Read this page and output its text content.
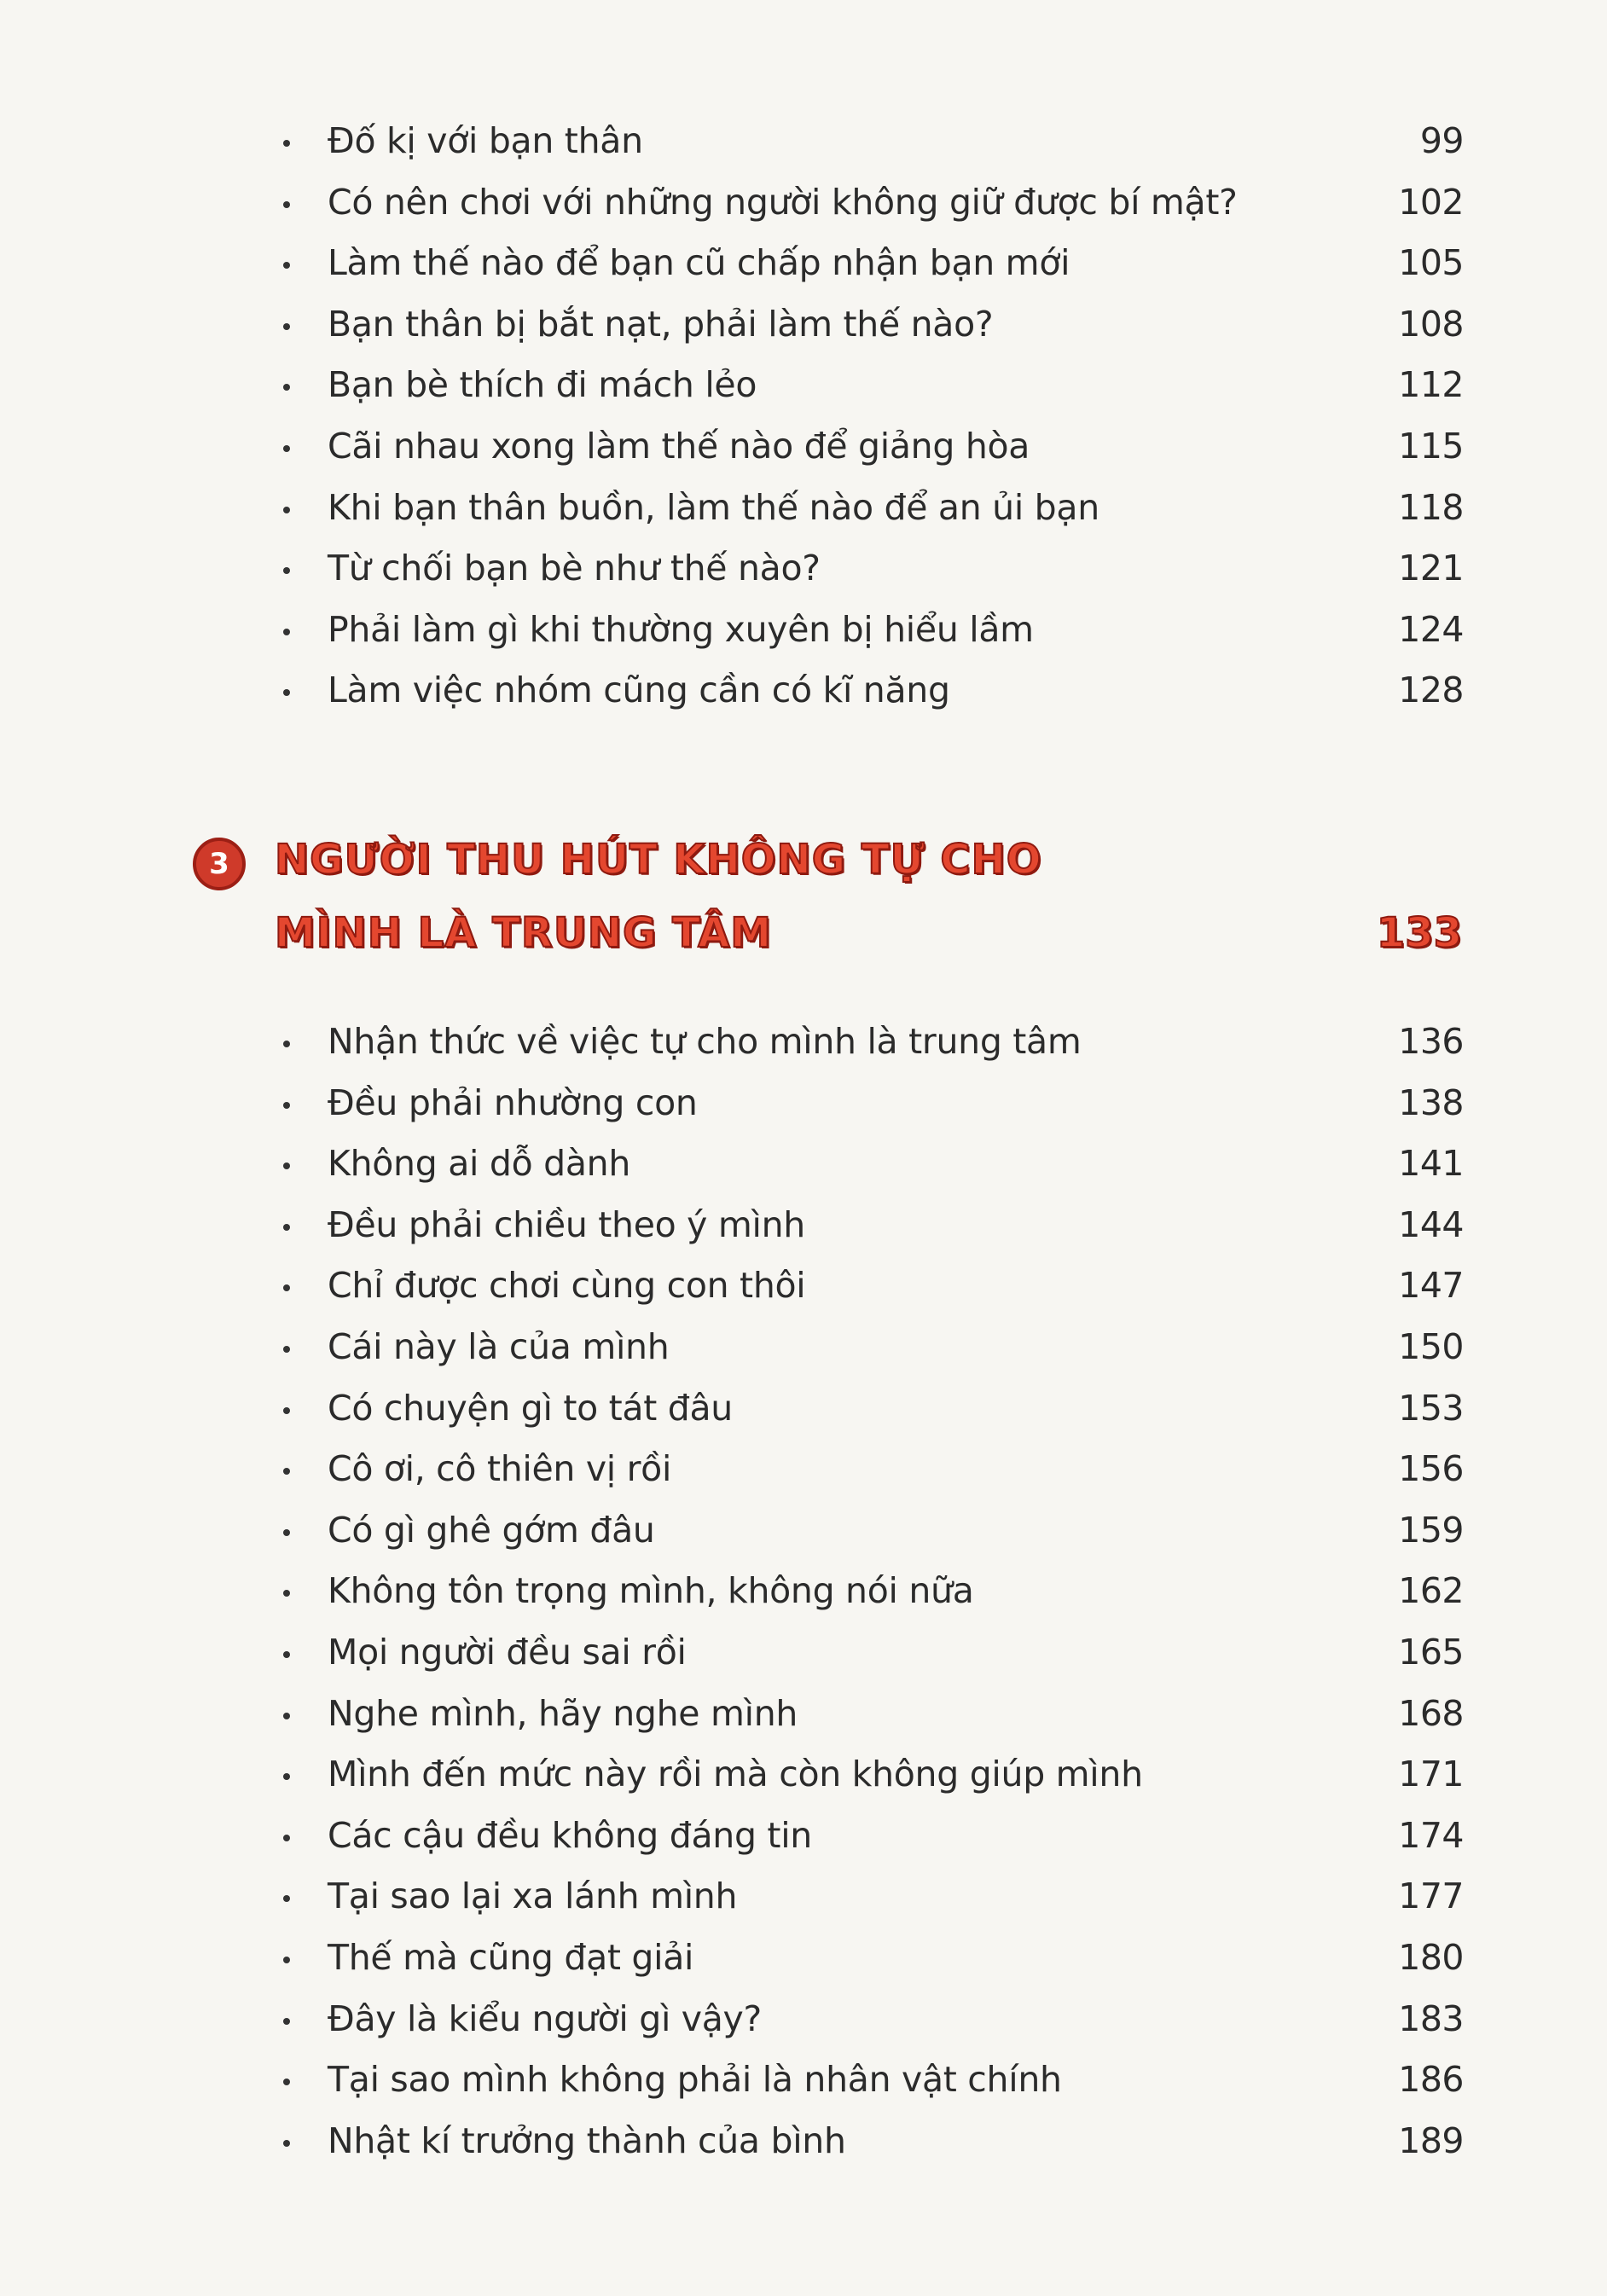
Đố kị với bạn thân	99
Có nên chơi với những người không giữ được bí mật?	102
Làm thế nào để bạn cũ chấp nhận bạn mới	105
Bạn thân bị bắt nạt, phải làm thế nào?	108
Bạn bè thích đi mách lẻo	112
Cãi nhau xong làm thế nào để giảng hòa	115
Khi bạn thân buồn, làm thế nào để an ủi bạn	118
Từ chối bạn bè như thế nào?	121
Phải làm gì khi thường xuyên bị hiểu lầm	124
Làm việc nhóm cũng cần có kĩ năng	128
3	NGƯỜI THU HÚT KHÔNG TỰ CHO
MÌNH LÀ TRUNG TÂM	133
Nhận thức về việc tự cho mình là trung tâm	136
Đều phải nhường con	138
Không ai dỗ dành	141
Đều phải chiều theo ý mình	144
Chỉ được chơi cùng con thôi	147
Cái này là của mình	150
Có chuyện gì to tát đâu	153
Cô ơi, cô thiên vị rồi	156
Có gì ghê gớm đâu	159
Không tôn trọng mình, không nói nữa	162
Mọi người đều sai rồi	165
Nghe mình, hãy nghe mình	168
Mình đến mức này rồi mà còn không giúp mình	171
Các cậu đều không đáng tin	174
Tại sao lại xa lánh mình	177
Thế mà cũng đạt giải	180
Đây là kiểu người gì vậy?	183
Tại sao mình không phải là nhân vật chính	186
Nhật kí trưởng thành của bình	189
